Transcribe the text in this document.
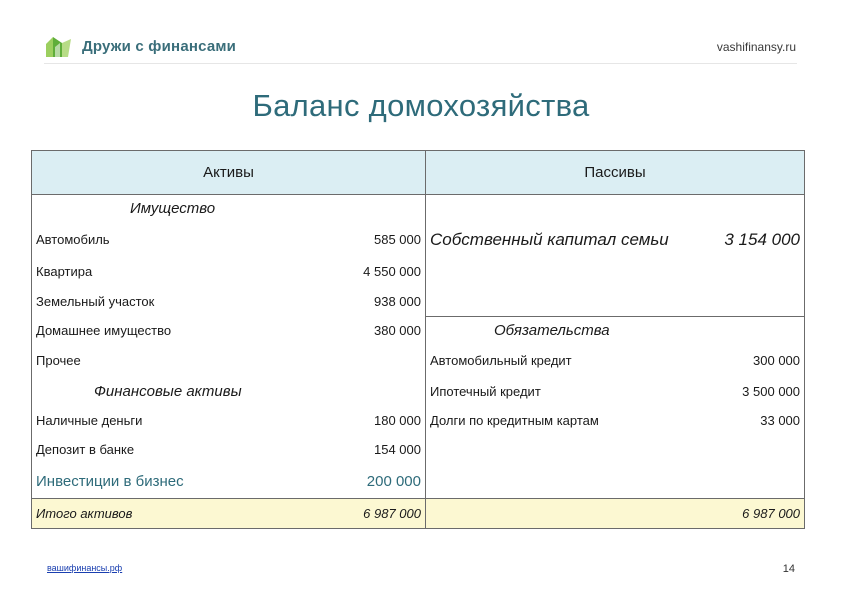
Дружи с финансами	vashifinansy.ru
Баланс домохозяйства
Активы		Пассивы	
Имущество			
Автомобиль	585 000	Собственный капитал семьи	3 154 000
Квартира	4 550 000		
Земельный участок	938 000		
Домашнее имущество	380 000	Обязательства	
Прочее		Автомобильный кредит	300 000
Финансовые активы		Ипотечный кредит	3 500 000
Наличные деньги	180 000	Долги по кредитным картам	33 000
Депозит в банке	154 000		
Инвестиции в бизнес	200 000		
Итого активов	6 987 000		6 987 000
вашифинансы.рф	14
